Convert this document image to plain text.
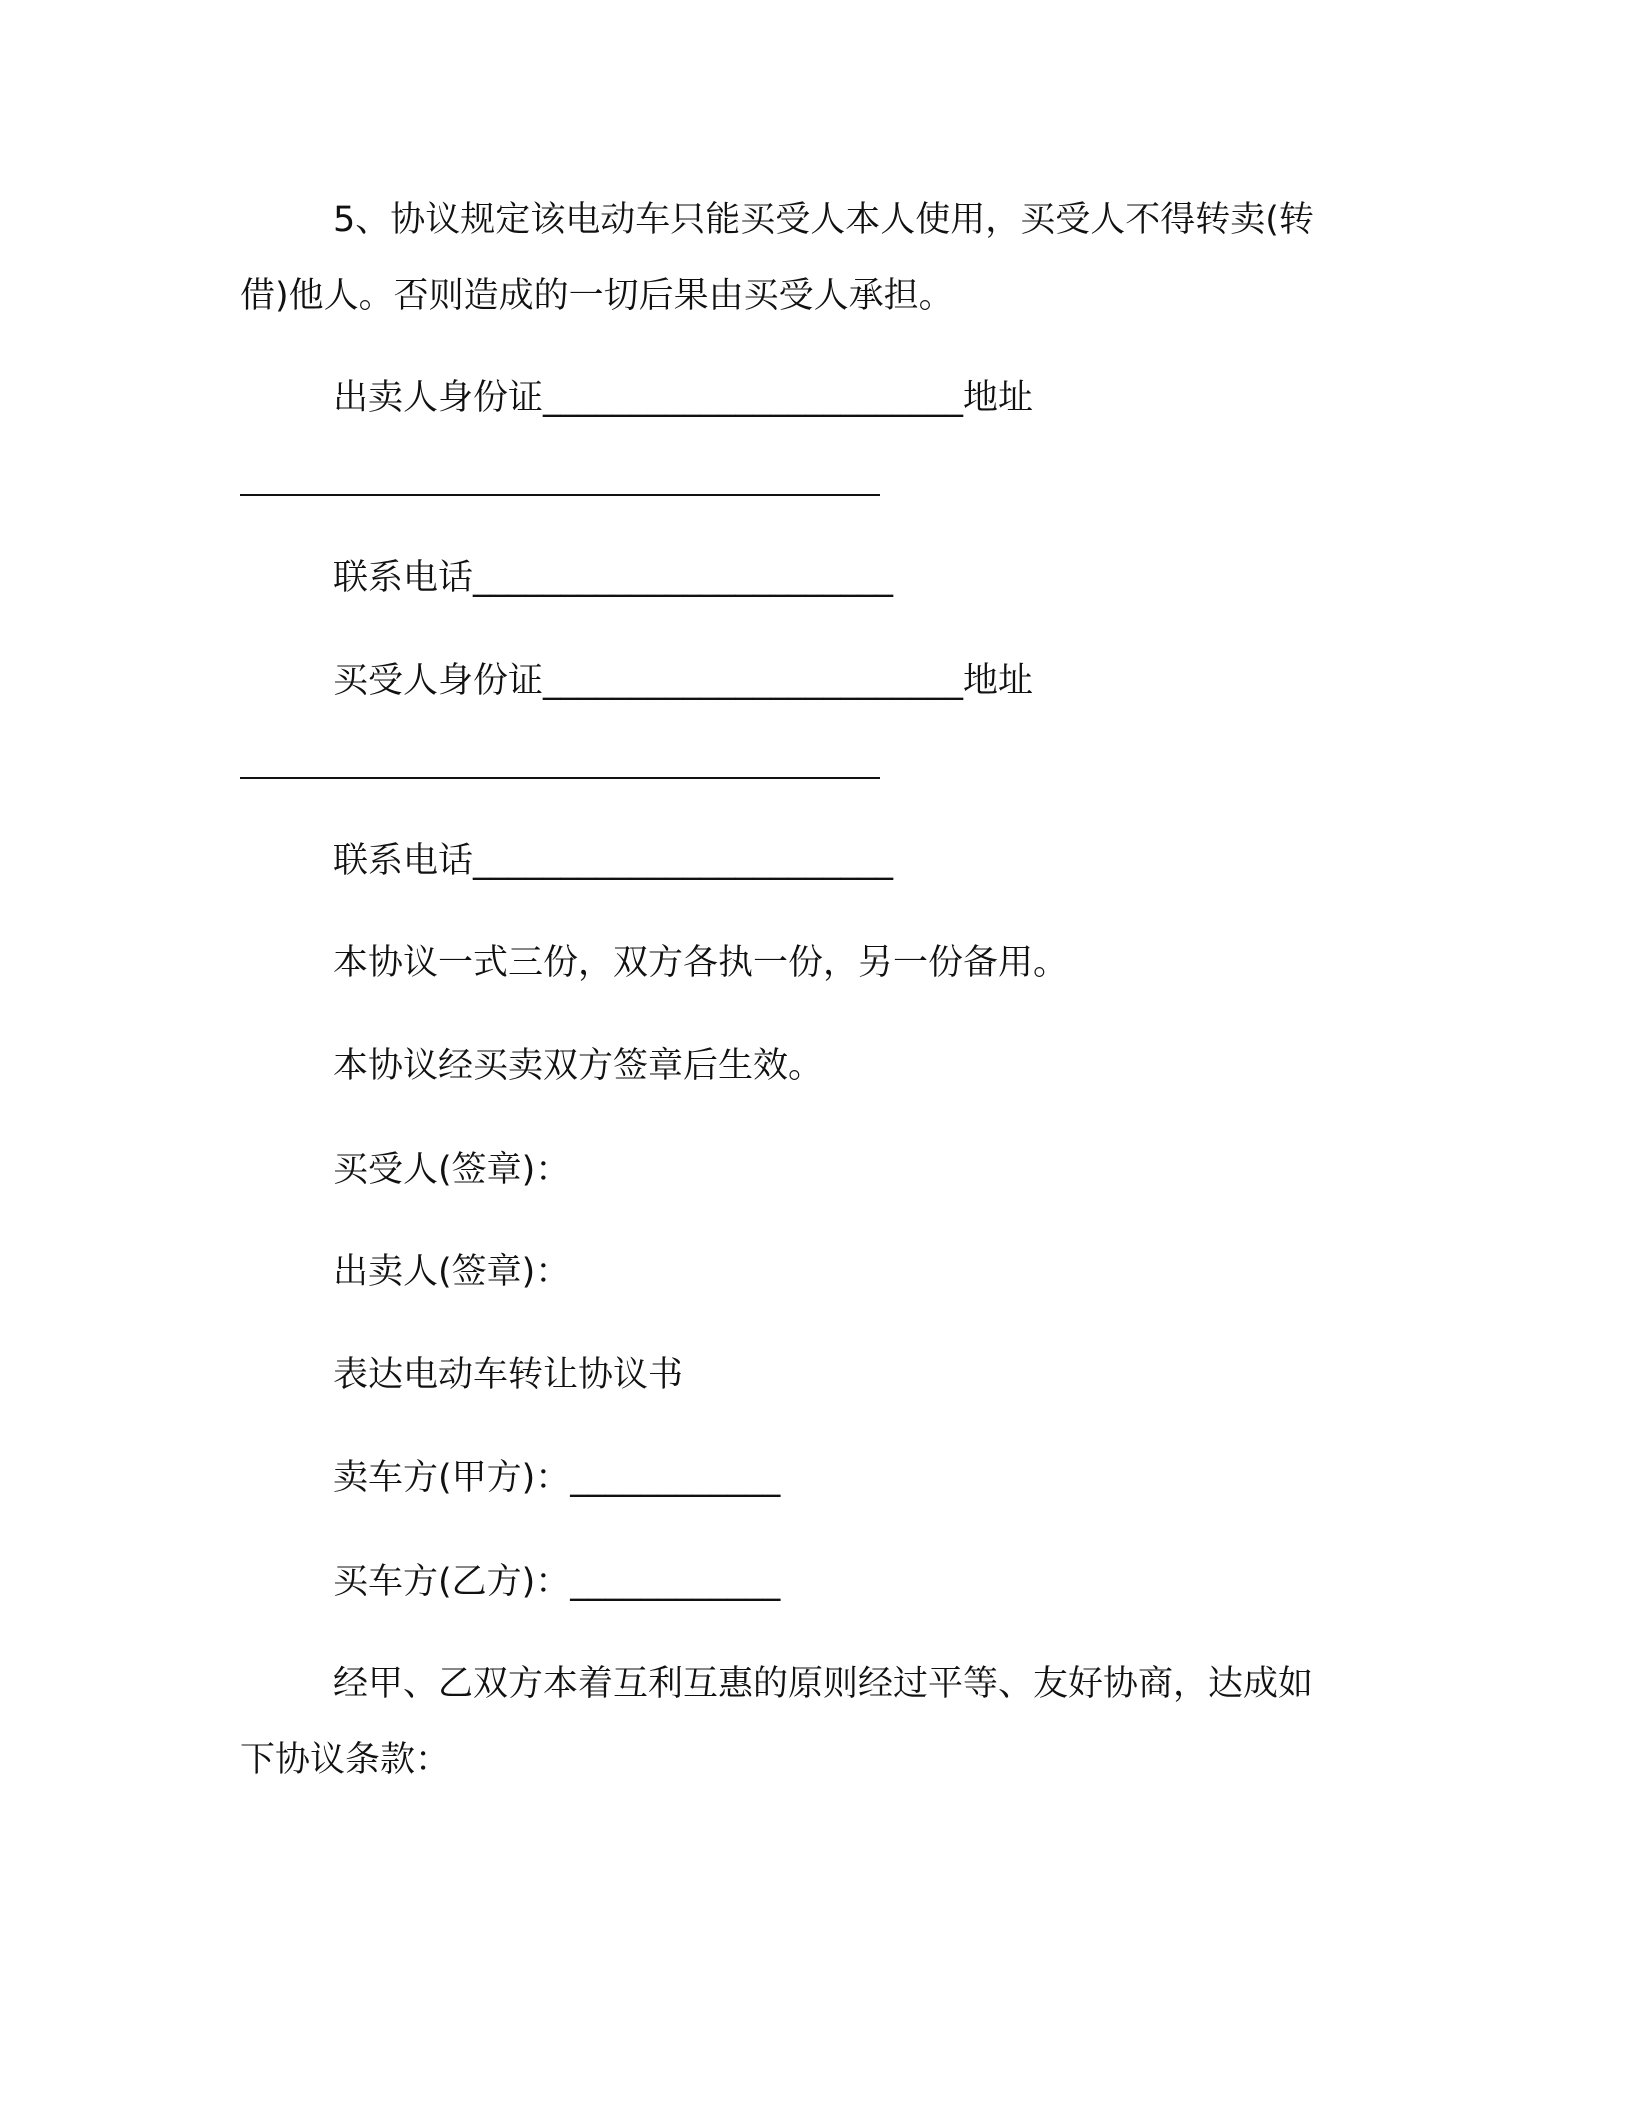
5、协议规定该电动车只能买受人本人使用，买受人不得转卖(转
借)他人。否则造成的一切后果由买受人承担。
出卖人身份证________________________地址
联系电话________________________
买受人身份证________________________地址
联系电话________________________
本协议一式三份，双方各执一份，另一份备用。
本协议经买卖双方签章后生效。
买受人(签章)：
出卖人(签章)：
表达电动车转让协议书
卖车方(甲方)：____________
买车方(乙方)：____________
经甲、乙双方本着互利互惠的原则经过平等、友好协商，达成如
下协议条款：
